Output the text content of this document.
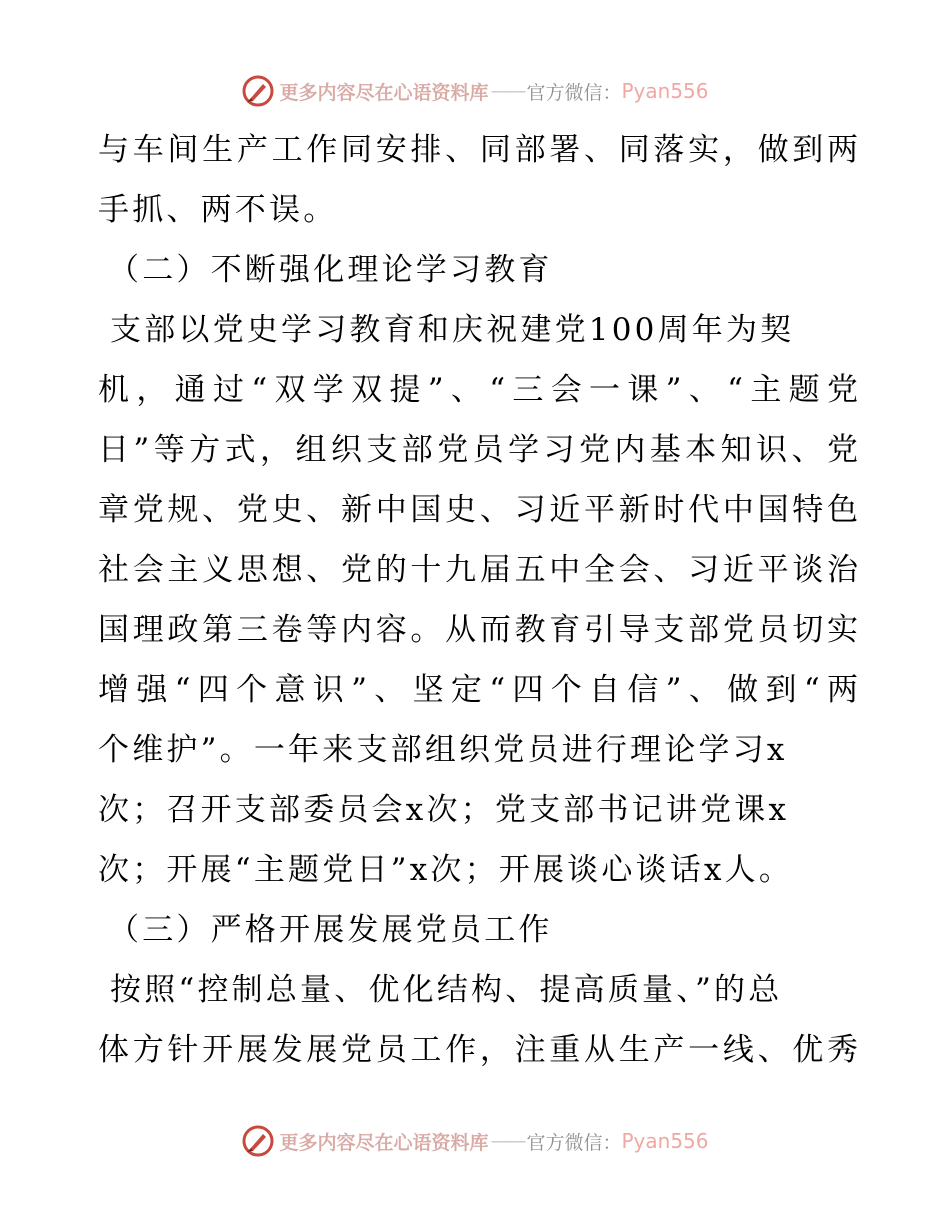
更多内容尽在心语资料库 —— 官方微信： Pyan556
与车间生产工作同安排、同部署、同落实，做到两
手抓、两不误。
（二）不断强化理论学习教育
支部以党史学习教育和庆祝建党100周年为契
机，通过“双学双提”、“三会一课”、“主题党
日”等方式，组织支部党员学习党内基本知识、党
章党规、党史、新中国史、习近平新时代中国特色
社会主义思想、党的十九届五中全会、习近平谈治
国理政第三卷等内容。从而教育引导支部党员切实
增强“四个意识”、坚定“四个自信”、做到“两
个维护”。一年来支部组织党员进行理论学习x
次；召开支部委员会x次；党支部书记讲党课x
次；开展“主题党日”x次；开展谈心谈话x人。
（三）严格开展发展党员工作
按照“控制总量、优化结构、提高质量、”的总
体方针开展发展党员工作，注重从生产一线、优秀
更多内容尽在心语资料库 —— 官方微信： Pyan556
